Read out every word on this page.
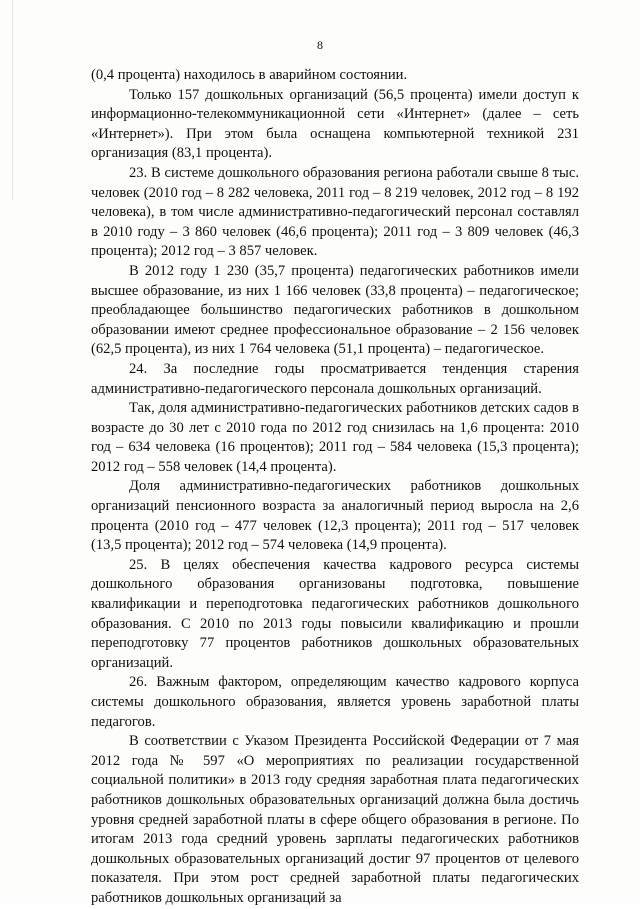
8

(0,4 процента) находилось в аварийном состоянии.

Только 157 дошкольных организаций (56,5 процента) имели доступ к информационно-телекоммуникационной сети «Интернет» (далее – сеть «Интернет»). При этом была оснащена компьютерной техникой 231 организация (83,1 процента).

23. В системе дошкольного образования региона работали свыше 8 тыс. человек (2010 год – 8 282 человека, 2011 год – 8 219 человек, 2012 год – 8 192 человека), в том числе административно-педагогический персонал составлял в 2010 году – 3 860 человек (46,6 процента); 2011 год – 3 809 человек (46,3 процента); 2012 год – 3 857 человек.

В 2012 году 1 230 (35,7 процента) педагогических работников имели высшее образование, из них 1 166 человек (33,8 процента) – педагогическое; преобладающее большинство педагогических работников в дошкольном образовании имеют среднее профессиональное образование – 2 156 человек (62,5 процента), из них 1 764 человека (51,1 процента) – педагогическое.

24. За последние годы просматривается тенденция старения административно-педагогического персонала дошкольных организаций.

Так, доля административно-педагогических работников детских садов в возрасте до 30 лет с 2010 года по 2012 год снизилась на 1,6 процента: 2010 год – 634 человека (16 процентов); 2011 год – 584 человека (15,3 процента); 2012 год – 558 человек (14,4 процента).

Доля административно-педагогических работников дошкольных организаций пенсионного возраста за аналогичный период выросла на 2,6 процента (2010 год – 477 человек (12,3 процента); 2011 год – 517 человек (13,5 процента); 2012 год – 574 человека (14,9 процента).

25. В целях обеспечения качества кадрового ресурса системы дошкольного образования организованы подготовка, повышение квалификации и переподготовка педагогических работников дошкольного образования. С 2010 по 2013 годы повысили квалификацию и прошли переподготовку 77 процентов работников дошкольных образовательных организаций.

26. Важным фактором, определяющим качество кадрового корпуса системы дошкольного образования, является уровень заработной платы педагогов.

В соответствии с Указом Президента Российской Федерации от 7 мая 2012 года № 597 «О мероприятиях по реализации государственной социальной политики» в 2013 году средняя заработная плата педагогических работников дошкольных образовательных организаций должна была достичь уровня средней заработной платы в сфере общего образования в регионе. По итогам 2013 года средний уровень зарплаты педагогических работников дошкольных образовательных организаций достиг 97 процентов от целевого показателя. При этом рост средней заработной платы педагогических работников дошкольных организаций за
